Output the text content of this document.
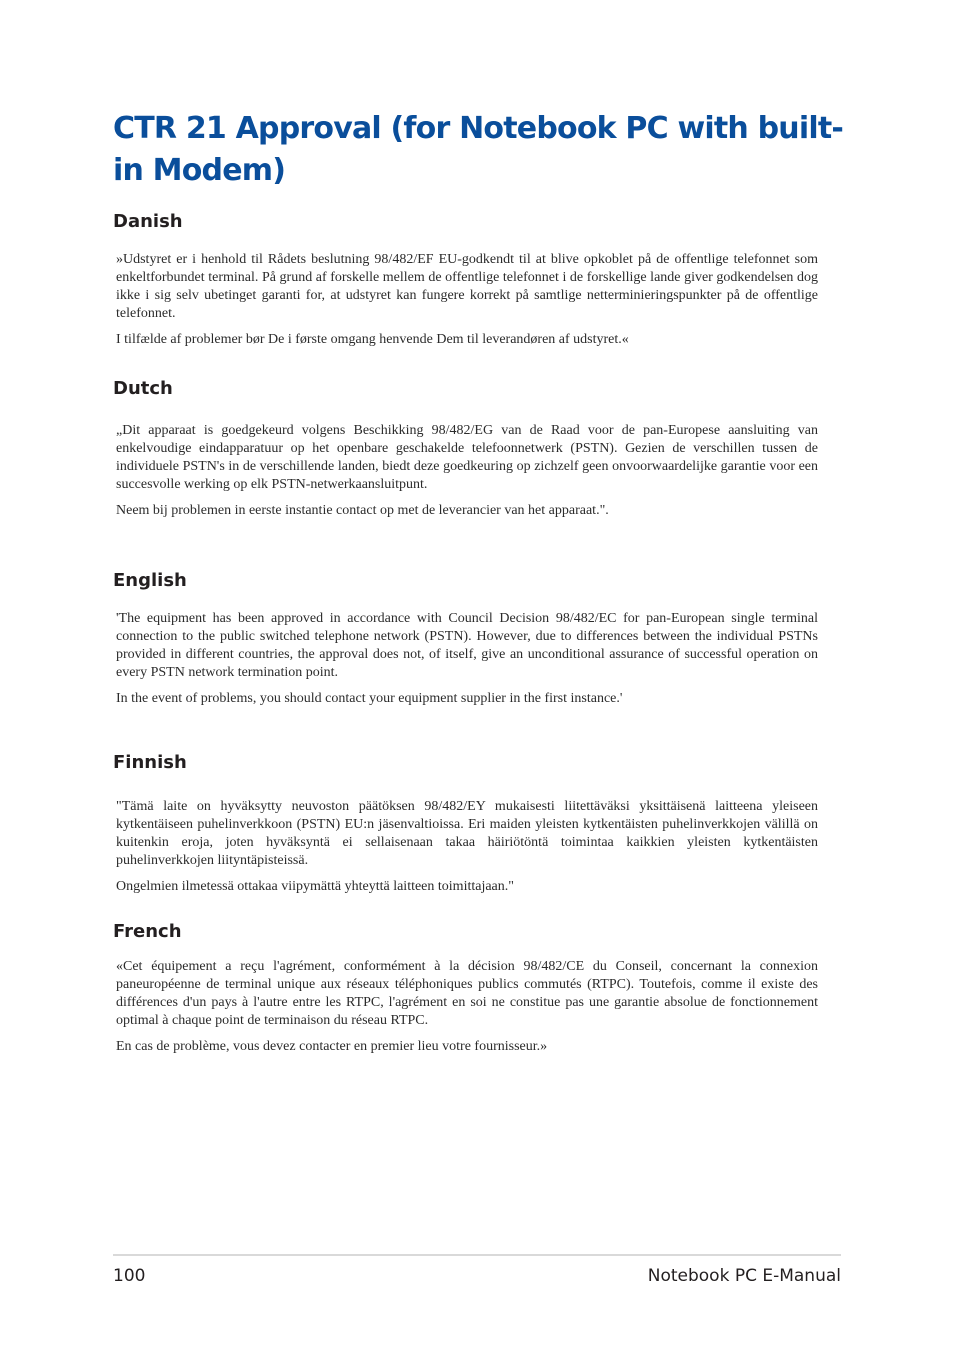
CTR 21 Approval (for Notebook PC with built-in Modem)
Danish

»Udstyret er i henhold til Rådets beslutning 98/482/EF EU-godkendt til at blive opkoblet på de offentlige telefonnet som enkeltforbundet terminal. På grund af forskelle mellem de offentlige telefonnet i de forskellige lande giver godkendelsen dog ikke i sig selv ubetinget garanti for, at udstyret kan fungere korrekt på samtlige netterminieringspunkter på de offentlige telefonnet.

I tilfælde af problemer bør De i første omgang henvende Dem til leverandøren af udstyret.«

Dutch

„Dit apparaat is goedgekeurd volgens Beschikking 98/482/EG van de Raad voor de pan-Europese aansluiting van enkelvoudige eindapparatuur op het openbare geschakelde telefoonnetwerk (PSTN). Gezien de verschillen tussen de individuele PSTN's in de verschillende landen, biedt deze goedkeuring op zichzelf geen onvoorwaardelijke garantie voor een succesvolle werking op elk PSTN-netwerkaansluitpunt.

Neem bij problemen in eerste instantie contact op met de leverancier van het apparaat.".

English

'The equipment has been approved in accordance with Council Decision 98/482/EC for pan-European single terminal connection to the public switched telephone network (PSTN). However, due to differences between the individual PSTNs provided in different countries, the approval does not, of itself, give an unconditional assurance of successful operation on every PSTN network termination point.

In the event of problems, you should contact your equipment supplier in the first instance.'

Finnish

"Tämä laite on hyväksytty neuvoston päätöksen 98/482/EY mukaisesti liitettäväksi yksittäisenä laitteena yleiseen kytkentäiseen puhelinverkkoon (PSTN) EU:n jäsenvaltioissa. Eri maiden yleisten kytkentäisten puhelinverkkojen välillä on kuitenkin eroja, joten hyväksyntä ei sellaisenaan takaa häiriötöntä toimintaa kaikkien yleisten kytkentäisten puhelinverkkojen liityntäpisteissä.

Ongelmien ilmetessä ottakaa viipymättä yhteyttä laitteen toimittajaan."

French

«Cet équipement a reçu l'agrément, conformément à la décision 98/482/CE du Conseil, concernant la connexion paneuropéenne de terminal unique aux réseaux téléphoniques publics commutés (RTPC). Toutefois, comme il existe des différences d'un pays à l'autre entre les RTPC, l'agrément en soi ne constitue pas une garantie absolue de fonctionnement optimal à chaque point de terminaison du réseau RTPC.

En cas de problème, vous devez contacter en premier lieu votre fournisseur.»

100	Notebook PC E-Manual
